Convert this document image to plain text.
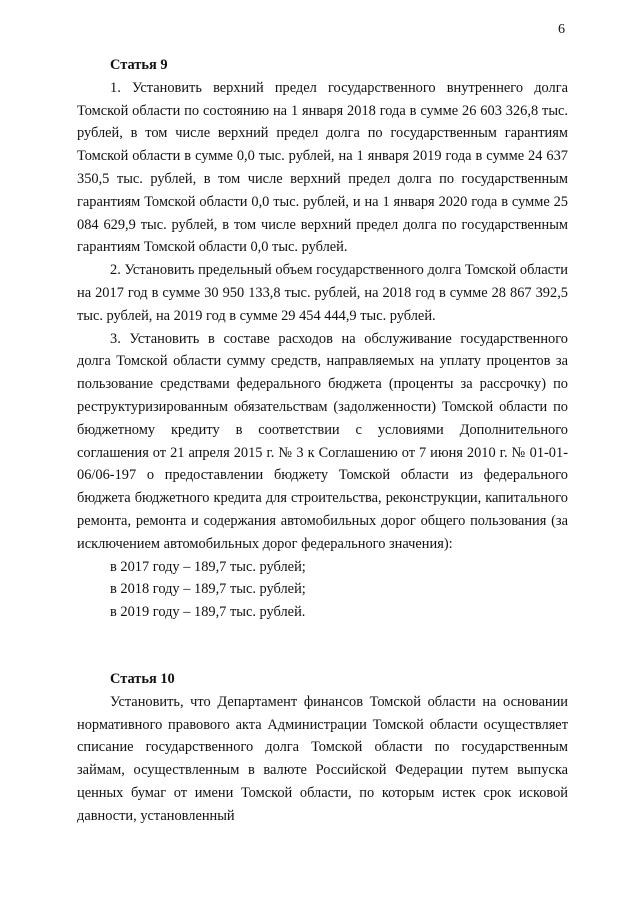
6

Статья 9

1. Установить верхний предел государственного внутреннего долга Томской области по состоянию на 1 января 2018 года в сумме 26 603 326,8 тыс. рублей, в том числе верхний предел долга по государственным гарантиям Томской области в сумме 0,0 тыс. рублей, на 1 января 2019 года в сумме 24 637 350,5 тыс. рублей, в том числе верхний предел долга по государственным гарантиям Томской области 0,0 тыс. рублей, и на 1 января 2020 года в сумме 25 084 629,9 тыс. рублей, в том числе верхний предел долга по государственным гарантиям Томской области 0,0 тыс. рублей.

2. Установить предельный объем государственного долга Томской области на 2017 год в сумме 30 950 133,8 тыс. рублей, на 2018 год в сумме 28 867 392,5 тыс. рублей, на 2019 год в сумме 29 454 444,9 тыс. рублей.

3. Установить в составе расходов на обслуживание государственного долга Томской области сумму средств, направляемых на уплату процентов за пользование средствами федерального бюджета (проценты за рассрочку) по реструктуризированным обязательствам (задолженности) Томской области по бюджетному кредиту в соответствии с условиями Дополнительного соглашения от 21 апреля 2015 г. № 3 к Соглашению от 7 июня 2010 г. № 01-01-06/06-197 о предоставлении бюджету Томской области из федерального бюджета бюджетного кредита для строительства, реконструкции, капитального ремонта, ремонта и содержания автомобильных дорог общего пользования (за исключением автомобильных дорог федерального значения):

в 2017 году – 189,7 тыс. рублей;

в 2018 году – 189,7 тыс. рублей;

в 2019 году – 189,7 тыс. рублей.

Статья 10

Установить, что Департамент финансов Томской области на основании нормативного правового акта Администрации Томской области осуществляет списание государственного долга Томской области по государственным займам, осуществленным в валюте Российской Федерации путем выпуска ценных бумаг от имени Томской области, по которым истек срок исковой давности, установленный
